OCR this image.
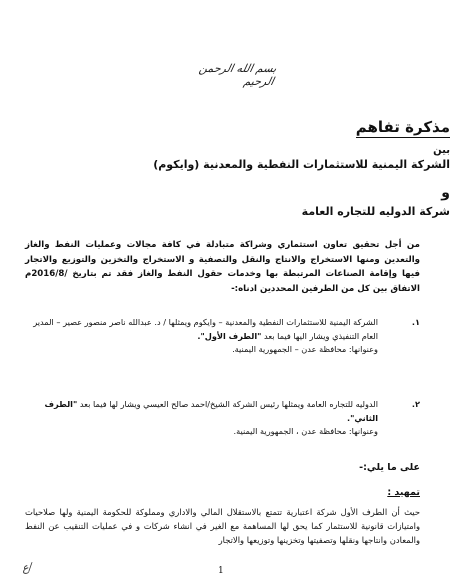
بسم الله الرحمن الرحيم
مذكرة تفاهم
بين
الشركة اليمنية للاستثمارات النفطية والمعدنية (وايكوم)
و
شركة الدوليه للتجاره العامة
من أجل تحقيق تعاون استثماري وشراكة متبادلة في كافة مجالات وعمليات النفط والغاز والتعدين ومنها الاستخراج والانتاج والنقل والتصفية و الاستخراج والتخزين والتوزيع والاتجار فيها وإقامة الصناعات المرتبطة بها وخدمات حقول النفط والغاز فقد تم بتاريخ /2016/8م الاتفاق بين كل من الطرفين المحددين ادناه:-
١.
الشركة اليمنية للاستثمارات النفطية والمعدنية – وايكوم ويمثلها / د. عبدالله ناصر منصور عصير – المدير العام التنفيذي ويشار اليها فيما بعد "الطرف الأول".
وعنوانها: محافظة عدن – الجمهورية اليمنية.
٢.
الدوليه للتجاره العامة ويمثلها رئيس الشركة الشيخ/احمد صالح العيسي ويشار لها فيما بعد "الطرف الثاني".
وعنوانها: محافظة عدن ، الجمهورية اليمنية.
على ما يلي:-
تمهيد :
حيث أن الطرف الأول شركة اعتبارية تتمتع بالاستقلال المالي والاداري ومملوكة للحكومة اليمنية ولها صلاحيات وامتيازات قانونية للاستثمار كما يحق لها المساهمة مع الغير في انشاء شركات و في عمليات التنقيب عن النفط والمعادن وانتاجها ونقلها وتصفيتها وتخزينها وتوزيعها والاتجار
ع/	1
